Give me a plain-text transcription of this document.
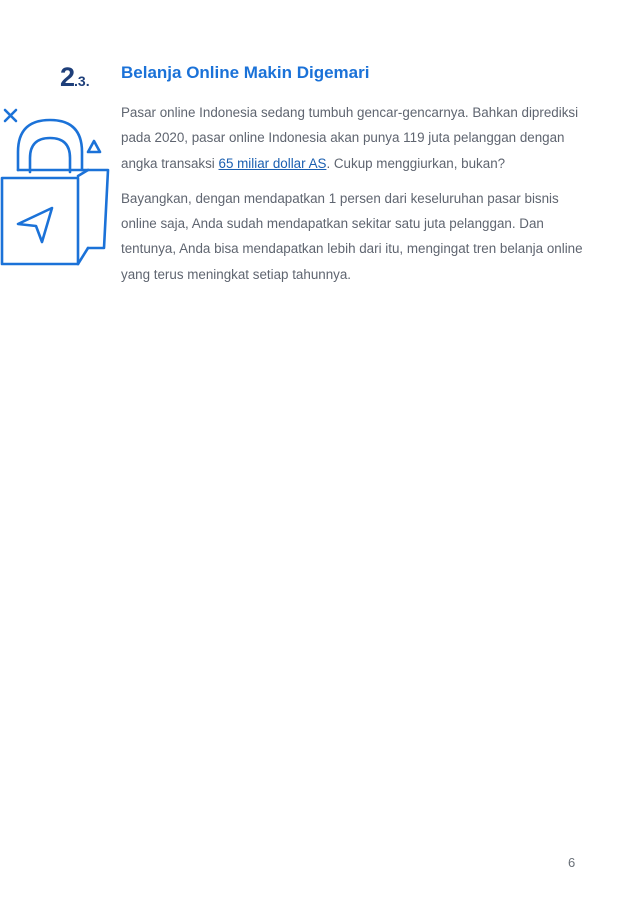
2.3. Belanja Online Makin Digemari

Pasar online Indonesia sedang tumbuh gencar-gencarnya. Bahkan diprediksi pada 2020, pasar online Indonesia akan punya 119 juta pelanggan dengan angka transaksi 65 miliar dollar AS. Cukup menggiurkan, bukan?

Bayangkan, dengan mendapatkan 1 persen dari keseluruhan pasar bisnis online saja, Anda sudah mendapatkan sekitar satu juta pelanggan. Dan tentunya, Anda bisa mendapatkan lebih dari itu, mengingat tren belanja online yang terus meningkat setiap tahunnya.

6
